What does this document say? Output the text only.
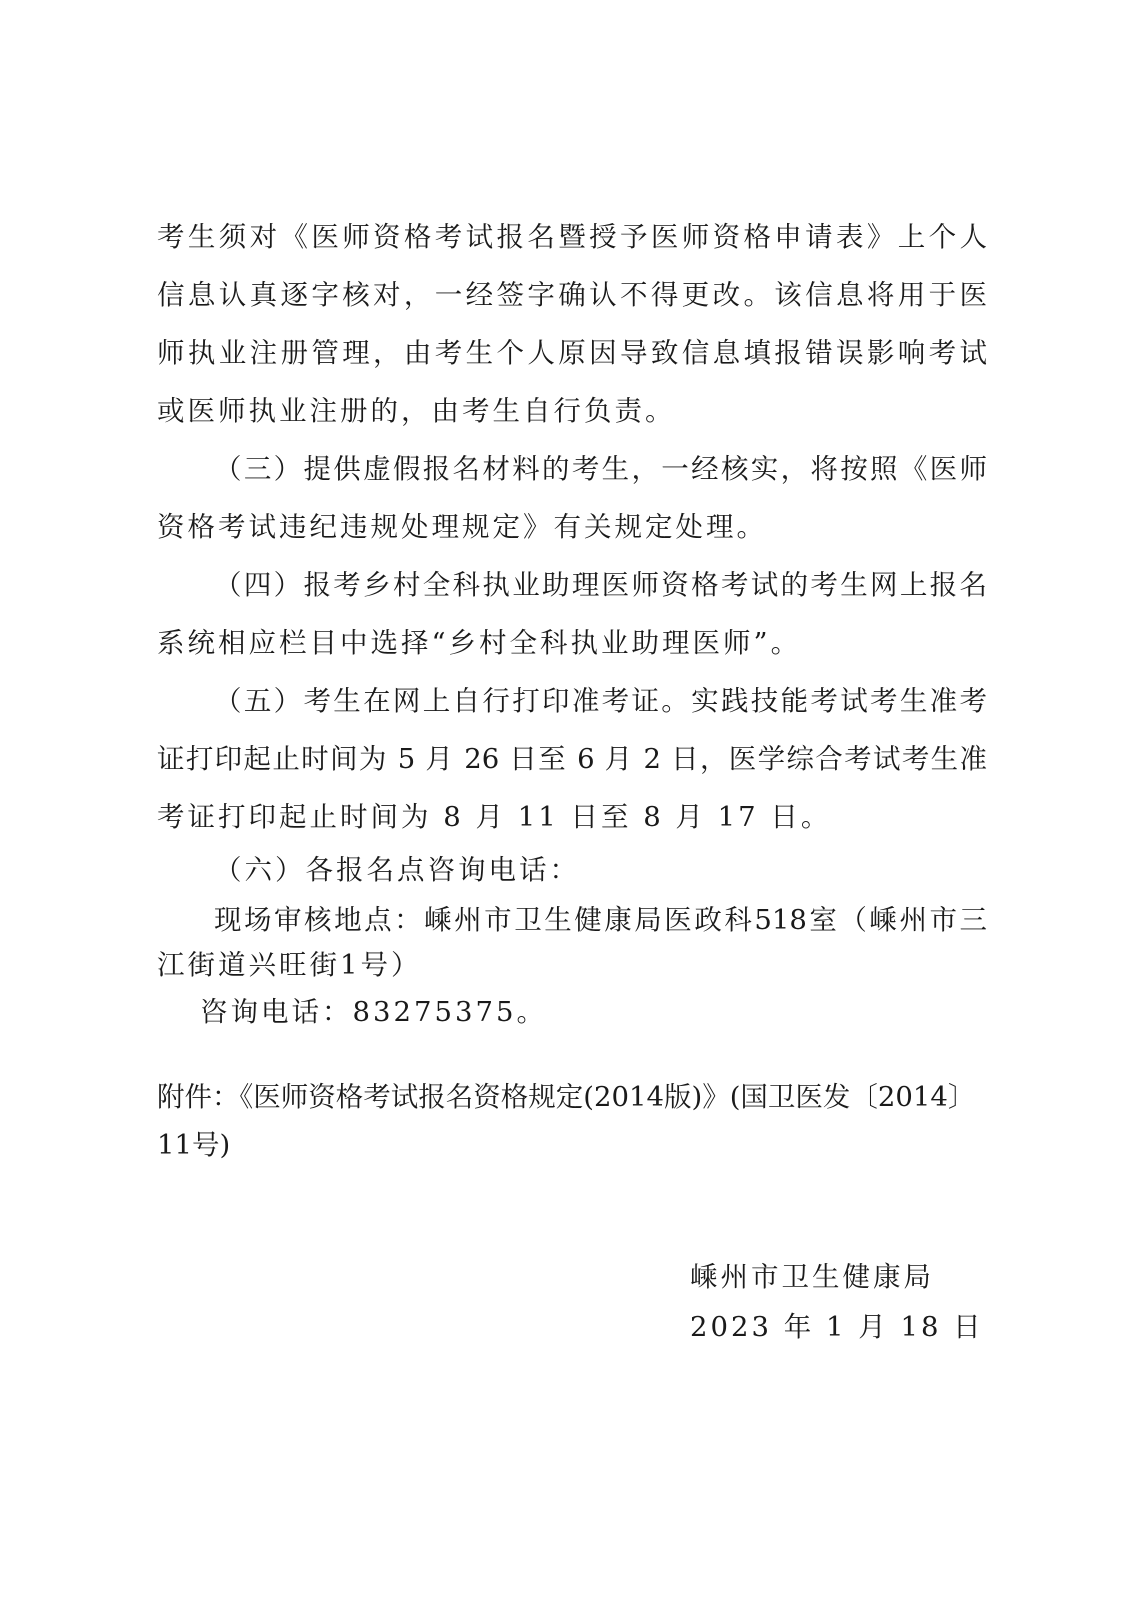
考生须对《医师资格考试报名暨授予医师资格申请表》上个人
信息认真逐字核对，一经签字确认不得更改。该信息将用于医
师执业注册管理，由考生个人原因导致信息填报错误影响考试
或医师执业注册的，由考生自行负责。
（三）提供虚假报名材料的考生，一经核实，将按照《医师
资格考试违纪违规处理规定》有关规定处理。
（四）报考乡村全科执业助理医师资格考试的考生网上报名
系统相应栏目中选择“乡村全科执业助理医师”。
（五）考生在网上自行打印准考证。实践技能考试考生准考
证打印起止时间为 5 月 26 日至 6 月 2 日，医学综合考试考生准
考证打印起止时间为 8 月 11 日至 8 月 17 日。
（六）各报名点咨询电话：
现场审核地点：嵊州市卫生健康局医政科518室（嵊州市三
江街道兴旺街1号）
咨询电话：83275375。
附件：《医师资格考试报名资格规定(2014版)》(国卫医发〔2014〕
11号)
嵊州市卫生健康局
2023 年 1 月 18 日
